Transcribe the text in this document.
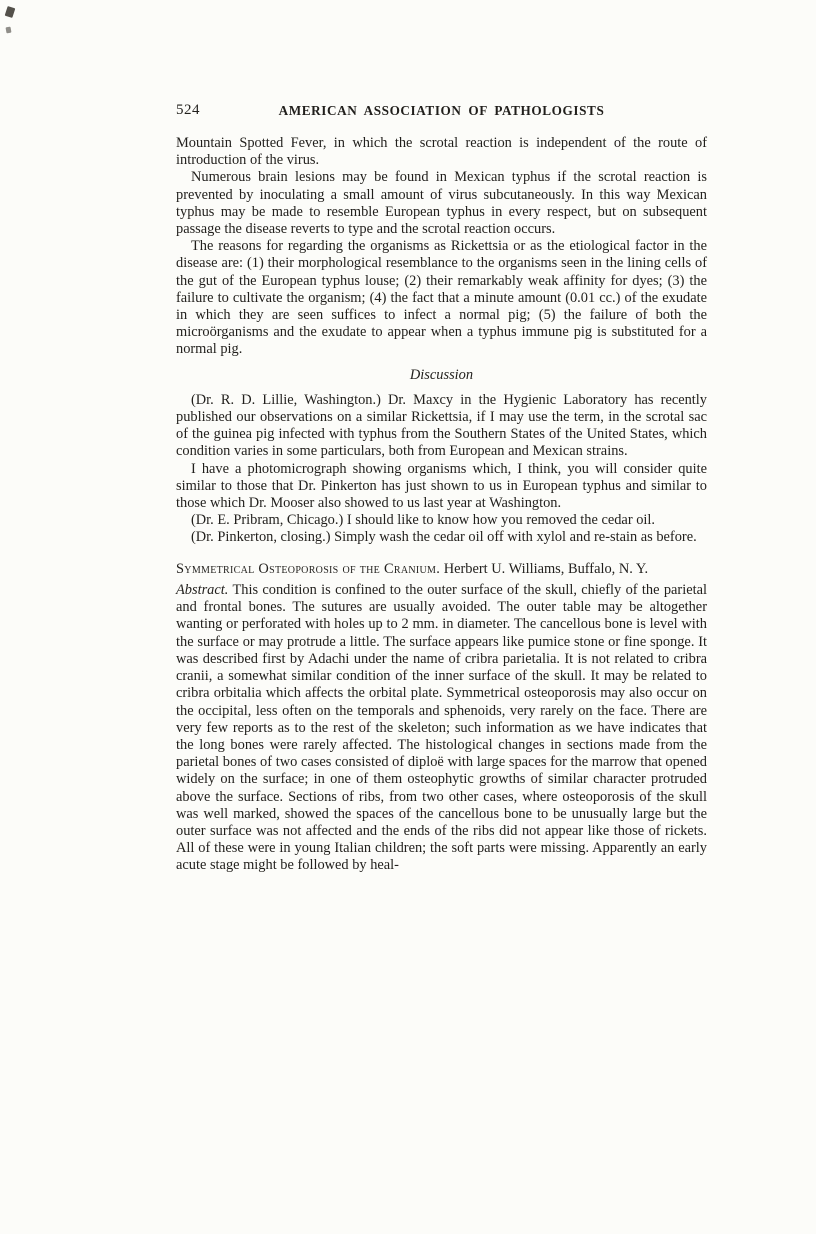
524	AMERICAN ASSOCIATION OF PATHOLOGISTS

Mountain Spotted Fever, in which the scrotal reaction is independent of the route of introduction of the virus.

Numerous brain lesions may be found in Mexican typhus if the scrotal reaction is prevented by inoculating a small amount of virus subcutaneously. In this way Mexican typhus may be made to resemble European typhus in every respect, but on subsequent passage the disease reverts to type and the scrotal reaction occurs.

The reasons for regarding the organisms as Rickettsia or as the etiological factor in the disease are: (1) their morphological resemblance to the organisms seen in the lining cells of the gut of the European typhus louse; (2) their remarkably weak affinity for dyes; (3) the failure to cultivate the organism; (4) the fact that a minute amount (0.01 cc.) of the exudate in which they are seen suffices to infect a normal pig; (5) the failure of both the microörganisms and the exudate to appear when a typhus immune pig is substituted for a normal pig.

Discussion

(Dr. R. D. Lillie, Washington.) Dr. Maxcy in the Hygienic Laboratory has recently published our observations on a similar Rickettsia, if I may use the term, in the scrotal sac of the guinea pig infected with typhus from the Southern States of the United States, which condition varies in some particulars, both from European and Mexican strains.

I have a photomicrograph showing organisms which, I think, you will consider quite similar to those that Dr. Pinkerton has just shown to us in European typhus and similar to those which Dr. Mooser also showed to us last year at Washington.

(Dr. E. Pribram, Chicago.) I should like to know how you removed the cedar oil.

(Dr. Pinkerton, closing.) Simply wash the cedar oil off with xylol and re-stain as before.

Symmetrical Osteoporosis of the Cranium. Herbert U. Williams, Buffalo, N. Y.

Abstract. This condition is confined to the outer surface of the skull, chiefly of the parietal and frontal bones. The sutures are usually avoided. The outer table may be altogether wanting or perforated with holes up to 2 mm. in diameter. The cancellous bone is level with the surface or may protrude a little. The surface appears like pumice stone or fine sponge. It was described first by Adachi under the name of cribra parietalia. It is not related to cribra cranii, a somewhat similar condition of the inner surface of the skull. It may be related to cribra orbitalia which affects the orbital plate. Symmetrical osteoporosis may also occur on the occipital, less often on the temporals and sphenoids, very rarely on the face. There are very few reports as to the rest of the skeleton; such information as we have indicates that the long bones were rarely affected. The histological changes in sections made from the parietal bones of two cases consisted of diploë with large spaces for the marrow that opened widely on the surface; in one of them osteophytic growths of similar character protruded above the surface. Sections of ribs, from two other cases, where osteoporosis of the skull was well marked, showed the spaces of the cancellous bone to be unusually large but the outer surface was not affected and the ends of the ribs did not appear like those of rickets. All of these were in young Italian children; the soft parts were missing. Apparently an early acute stage might be followed by heal-
